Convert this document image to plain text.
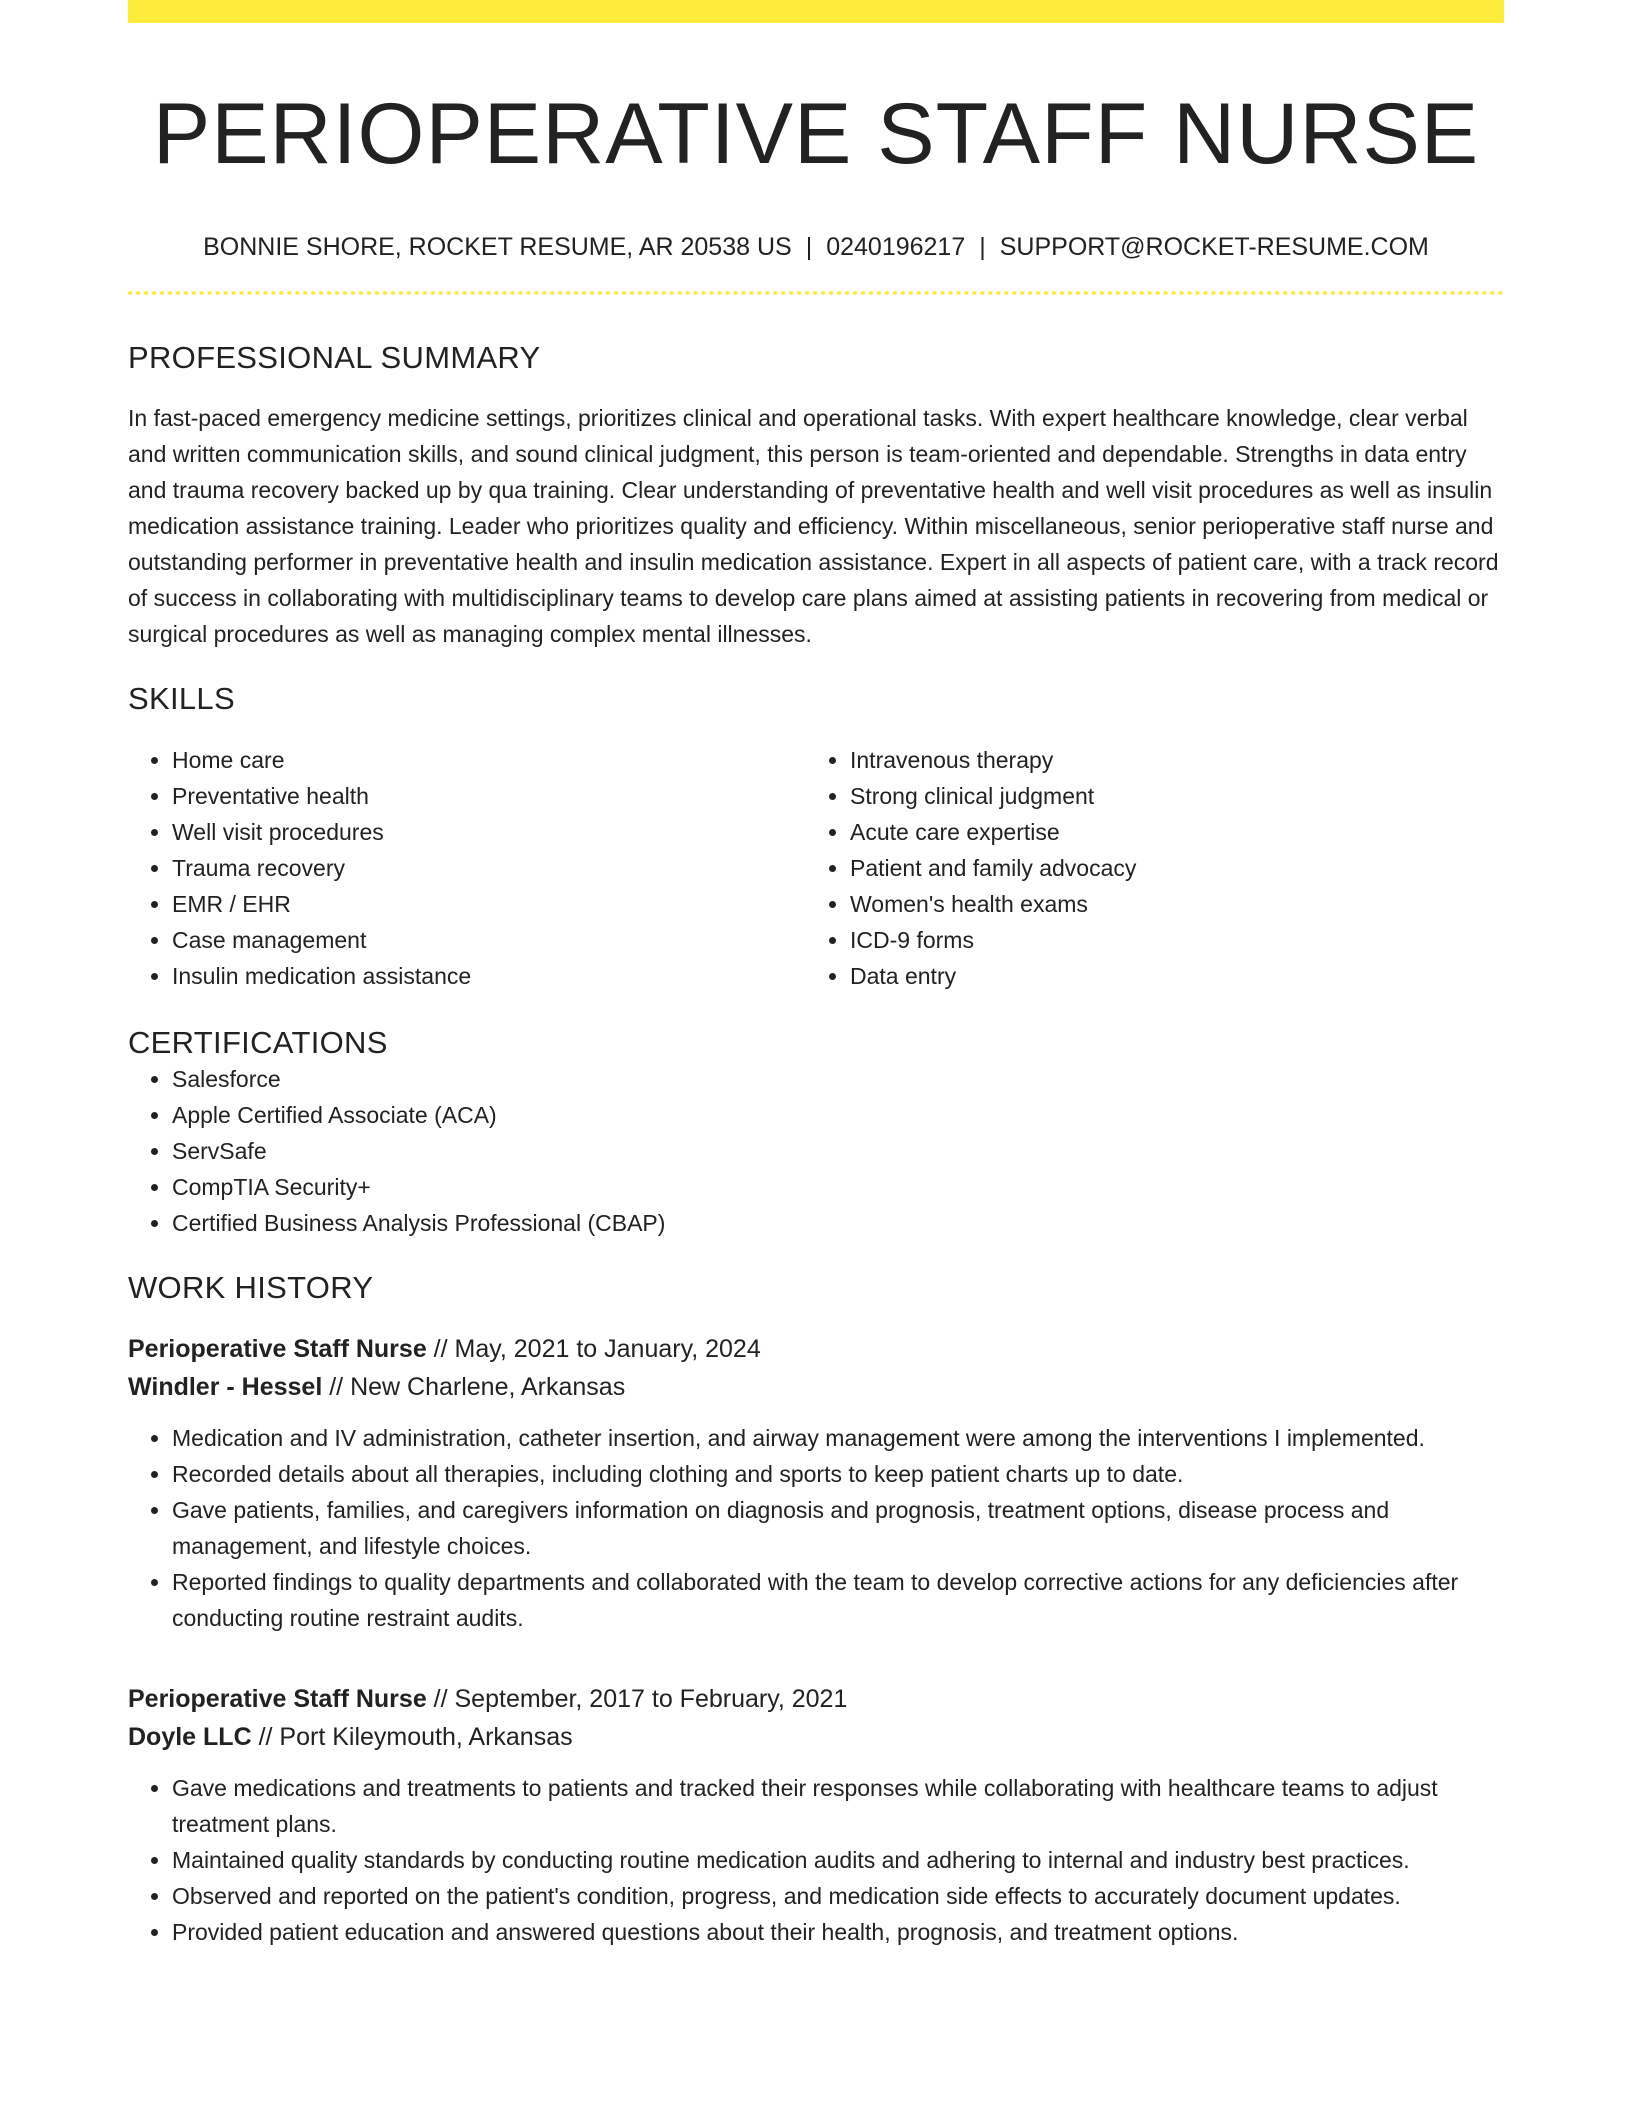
PERIOPERATIVE STAFF NURSE
BONNIE SHORE, ROCKET RESUME, AR 20538 US | 0240196217 | SUPPORT@ROCKET-RESUME.COM
PROFESSIONAL SUMMARY

In fast-paced emergency medicine settings, prioritizes clinical and operational tasks. With expert healthcare knowledge, clear verbal and written communication skills, and sound clinical judgment, this person is team-oriented and dependable. Strengths in data entry and trauma recovery backed up by qua training. Clear understanding of preventative health and well visit procedures as well as insulin medication assistance training. Leader who prioritizes quality and efficiency. Within miscellaneous, senior perioperative staff nurse and outstanding performer in preventative health and insulin medication assistance. Expert in all aspects of patient care, with a track record of success in collaborating with multidisciplinary teams to develop care plans aimed at assisting patients in recovering from medical or surgical procedures as well as managing complex mental illnesses.

SKILLS
• Home care
• Preventative health
• Well visit procedures
• Trauma recovery
• EMR / EHR
• Case management
• Insulin medication assistance
• Intravenous therapy
• Strong clinical judgment
• Acute care expertise
• Patient and family advocacy
• Women's health exams
• ICD-9 forms
• Data entry
CERTIFICATIONS
• Salesforce
• Apple Certified Associate (ACA)
• ServSafe
• CompTIA Security+
• Certified Business Analysis Professional (CBAP)
WORK HISTORY
Perioperative Staff Nurse // May, 2021 to January, 2024
Windler - Hessel // New Charlene, Arkansas
• Medication and IV administration, catheter insertion, and airway management were among the interventions I implemented.
• Recorded details about all therapies, including clothing and sports to keep patient charts up to date.
• Gave patients, families, and caregivers information on diagnosis and prognosis, treatment options, disease process and management, and lifestyle choices.
• Reported findings to quality departments and collaborated with the team to develop corrective actions for any deficiencies after conducting routine restraint audits.
Perioperative Staff Nurse // September, 2017 to February, 2021
Doyle LLC // Port Kileymouth, Arkansas
• Gave medications and treatments to patients and tracked their responses while collaborating with healthcare teams to adjust treatment plans.
• Maintained quality standards by conducting routine medication audits and adhering to internal and industry best practices.
• Observed and reported on the patient's condition, progress, and medication side effects to accurately document updates.
• Provided patient education and answered questions about their health, prognosis, and treatment options.
